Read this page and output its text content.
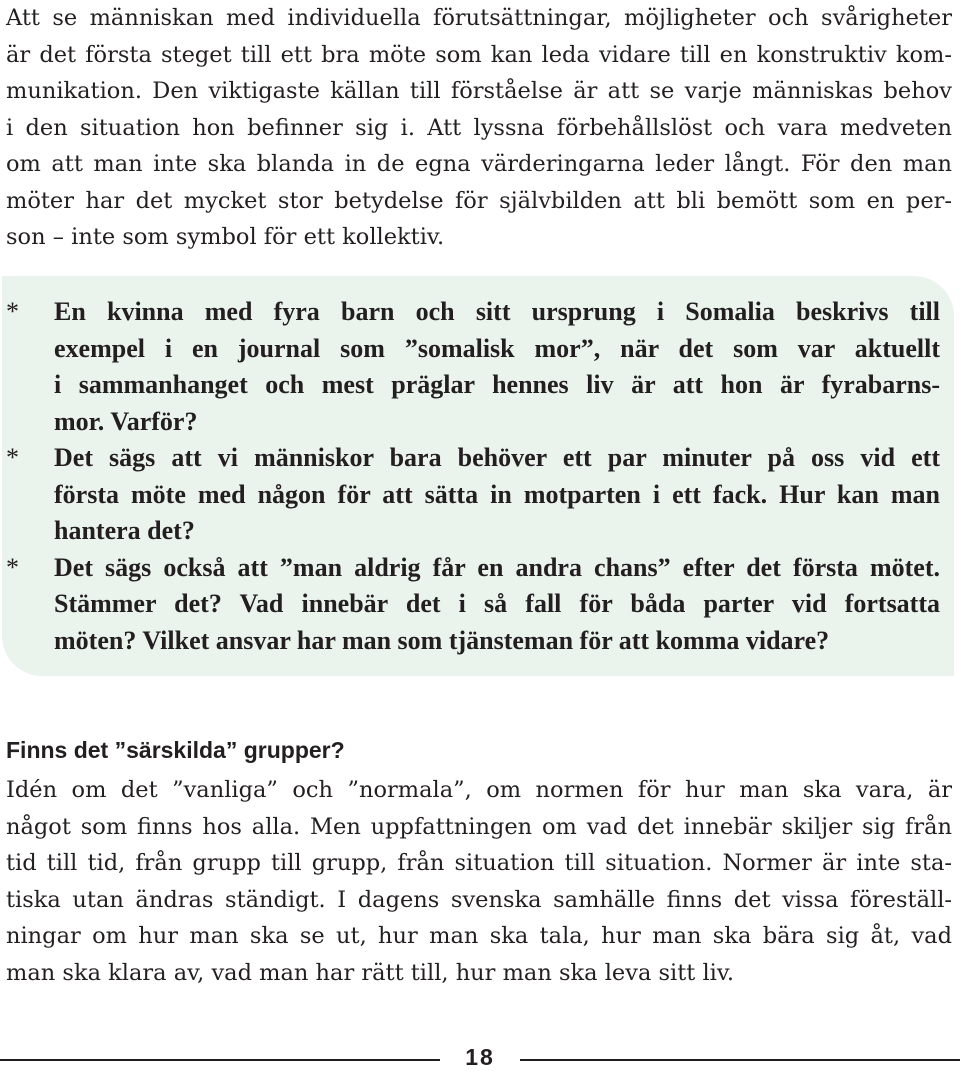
Att se människan med individuella förutsättningar, möjligheter och svårigheter
är det första steget till ett bra möte som kan leda vidare till en konstruktiv kom-
munikation. Den viktigaste källan till förståelse är att se varje människas behov
i den situation hon befinner sig i. Att lyssna förbehållslöst och vara medveten
om att man inte ska blanda in de egna värderingarna leder långt. För den man
möter har det mycket stor betydelse för självbilden att bli bemött som en per-
son – inte som symbol för ett kollektiv.
* En kvinna med fyra barn och sitt ursprung i Somalia beskrivs till
exempel i en journal som ”somalisk mor”, när det som var aktuellt
i sammanhanget och mest präglar hennes liv är att hon är fyrabarns-
mor. Varför?
* Det sägs att vi människor bara behöver ett par minuter på oss vid ett
första möte med någon för att sätta in motparten i ett fack. Hur kan man
hantera det?
* Det sägs också att ”man aldrig får en andra chans” efter det första mötet.
Stämmer det? Vad innebär det i så fall för båda parter vid fortsatta
möten? Vilket ansvar har man som tjänsteman för att komma vidare?
Finns det ”särskilda” grupper?
Idén om det ”vanliga” och ”normala”, om normen för hur man ska vara, är
något som finns hos alla. Men uppfattningen om vad det innebär skiljer sig från
tid till tid, från grupp till grupp, från situation till situation. Normer är inte sta-
tiska utan ändras ständigt. I dagens svenska samhälle finns det vissa föreställ-
ningar om hur man ska se ut, hur man ska tala, hur man ska bära sig åt, vad
man ska klara av, vad man har rätt till, hur man ska leva sitt liv.
18
